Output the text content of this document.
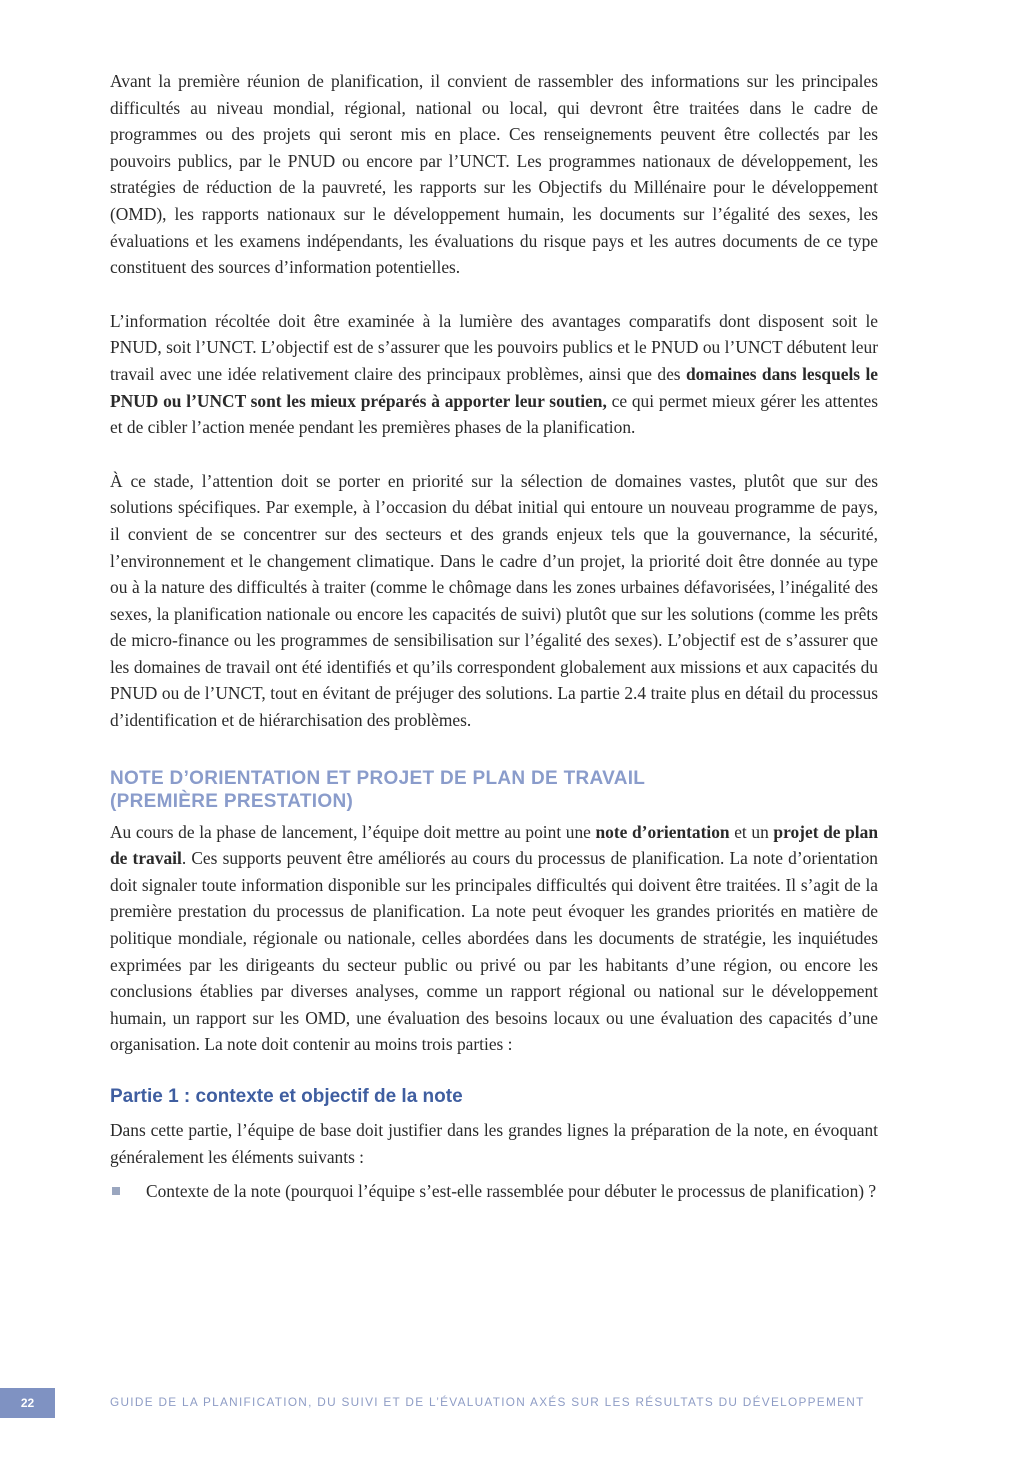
Avant la première réunion de planification, il convient de rassembler des informations sur les principales difficultés au niveau mondial, régional, national ou local, qui devront être traitées dans le cadre de programmes ou des projets qui seront mis en place. Ces renseignements peuvent être collectés par les pouvoirs publics, par le PNUD ou encore par l’UNCT. Les programmes nationaux de développement, les stratégies de réduction de la pauvreté, les rapports sur les Objectifs du Millénaire pour le développement (OMD), les rapports nationaux sur le développement humain, les documents sur l’égalité des sexes, les évaluations et les examens indépendants, les évaluations du risque pays et les autres documents de ce type constituent des sources d’information potentielles.

L’information récoltée doit être examinée à la lumière des avantages comparatifs dont disposent soit le PNUD, soit l’UNCT. L’objectif est de s’assurer que les pouvoirs publics et le PNUD ou l’UNCT débutent leur travail avec une idée relativement claire des principaux problèmes, ainsi que des domaines dans lesquels le PNUD ou l’UNCT sont les mieux préparés à apporter leur soutien, ce qui permet mieux gérer les attentes et de cibler l’action menée pendant les premières phases de la planification.

À ce stade, l’attention doit se porter en priorité sur la sélection de domaines vastes, plutôt que sur des solutions spécifiques. Par exemple, à l’occasion du débat initial qui entoure un nouveau programme de pays, il convient de se concentrer sur des secteurs et des grands enjeux tels que la gouvernance, la sécurité, l’environnement et le changement climatique. Dans le cadre d’un projet, la priorité doit être donnée au type ou à la nature des difficultés à traiter (comme le chômage dans les zones urbaines défavorisées, l’inégalité des sexes, la planification nationale ou encore les capacités de suivi) plutôt que sur les solutions (comme les prêts de micro-finance ou les programmes de sensibilisation sur l’égalité des sexes). L’objectif est de s’assurer que les domaines de travail ont été identifiés et qu’ils correspondent globalement aux missions et aux capacités du PNUD ou de l’UNCT, tout en évitant de préjuger des solutions. La partie 2.4 traite plus en détail du processus d’identification et de hiérarchisation des problèmes.

NOTE D’ORIENTATION ET PROJET DE PLAN DE TRAVAIL
(PREMIÈRE PRESTATION)

Au cours de la phase de lancement, l’équipe doit mettre au point une note d’orientation et un projet de plan de travail. Ces supports peuvent être améliorés au cours du processus de planification. La note d’orientation doit signaler toute information disponible sur les principales difficultés qui doivent être traitées. Il s’agit de la première prestation du processus de planification. La note peut évoquer les grandes priorités en matière de politique mondiale, régionale ou nationale, celles abordées dans les documents de stratégie, les inquiétudes exprimées par les dirigeants du secteur public ou privé ou par les habitants d’une région, ou encore les conclusions établies par diverses analyses, comme un rapport régional ou national sur le développement humain, un rapport sur les OMD, une évaluation des besoins locaux ou une évaluation des capacités d’une organisation. La note doit contenir au moins trois parties :

Partie 1 : contexte et objectif de la note

Dans cette partie, l’équipe de base doit justifier dans les grandes lignes la préparation de la note, en évoquant généralement les éléments suivants :

Contexte de la note (pourquoi l’équipe s’est-elle rassemblée pour débuter le processus de planification) ?
22	GUIDE DE LA PLANIFICATION, DU SUIVI ET DE L’ÉVALUATION AXÉS SUR LES RÉSULTATS DU DÉVELOPPEMENT
